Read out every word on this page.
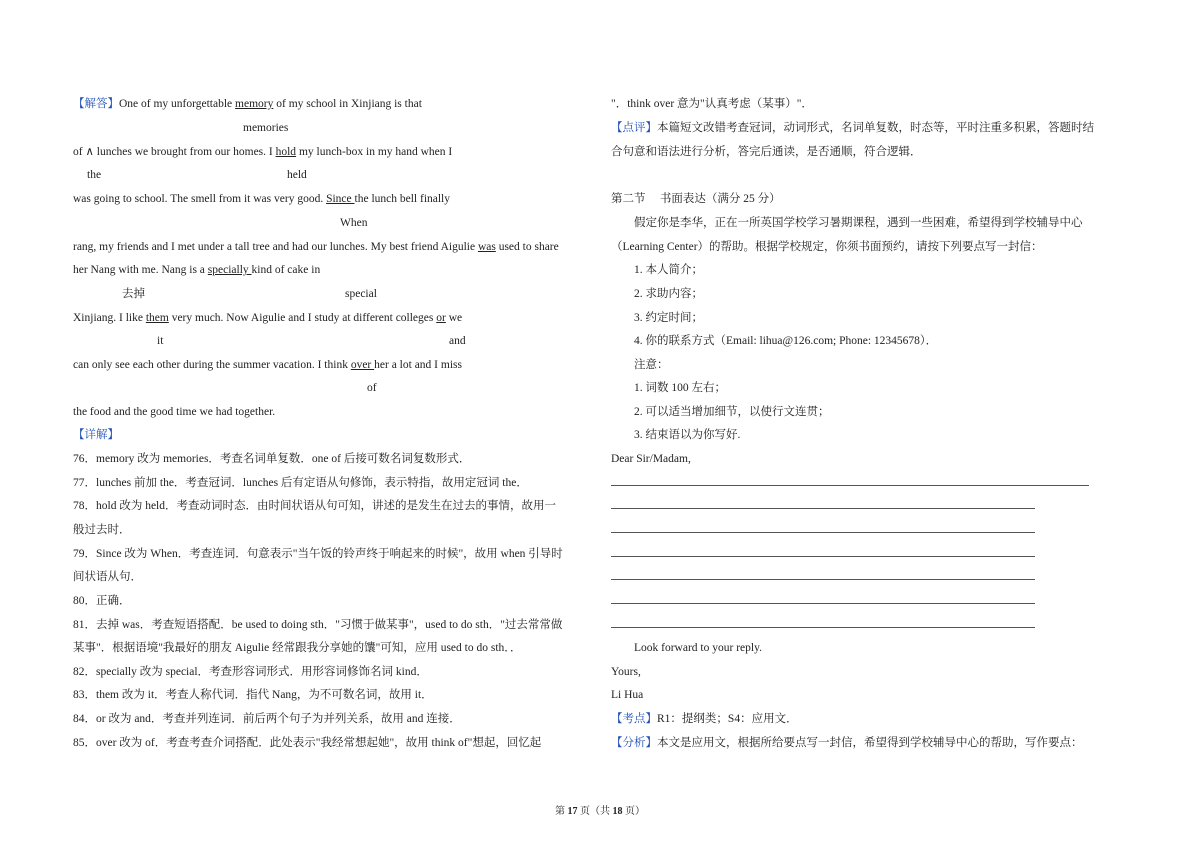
【解答】One of my unforgettable memory of my school in Xinjiang is that
memories
of ∧ lunches we brought from our homes. I hold my lunch-box in my hand when I
the	held
was going to school. The smell from it was very good. Since the lunch bell finally
When
rang, my friends and I met under a tall tree and had our lunches. My best friend Aigulie was used to share
her Nang with me. Nang is a specially kind of cake in
去掉	special
Xinjiang. I like them very much. Now Aigulie and I study at different colleges or we
it	and
can only see each other during the summer vacation. I think over her a lot and I miss
of
the food and the good time we had together.
【详解】
76．memory 改为 memories．考查名词单复数．one of 后接可数名词复数形式．
77．lunches 前加 the．考查冠词．lunches 后有定语从句修饰，表示特指，故用定冠词 the．
78．hold 改为 held．考查动词时态．由时间状语从句可知，讲述的是发生在过去的事情，故用一
般过去时．
79．Since 改为 When．考查连词．句意表示"当午饭的铃声终于响起来的时候"，故用 when 引导时
间状语从句．
80．正确．
81．去掉 was．考查短语搭配．be used to doing sth．"习惯于做某事"，used to do sth．"过去常常做
某事"．根据语境"我最好的朋友 Aigulie 经常跟我分享她的馕"可知，应用 used to do sth．．
82．specially 改为 special．考查形容词形式．用形容词修饰名词 kind．
83．them 改为 it．考查人称代词．指代 Nang，为不可数名词，故用 it．
84．or 改为 and．考查并列连词．前后两个句子为并列关系，故用 and 连接．
85．over 改为 of．考查考查介词搭配．此处表示"我经常想起她"，故用 think of"想起，回忆起
"．think over 意为"认真考虑（某事）"．
【点评】本篇短文改错考查冠词，动词形式，名词单复数，时态等，平时注重多积累，答题时结
合句意和语法进行分析，答完后通读，是否通顺，符合逻辑．
第二节　 书面表达（满分 25 分）
假定你是李华，正在一所英国学校学习暑期课程，遇到一些困难，希望得到学校辅导中心
（Learning Center）的帮助。根据学校规定，你须书面预约，请按下列要点写一封信：
1. 本人简介；
2. 求助内容；
3. 约定时间；
4. 你的联系方式（Email: lihua@126.com; Phone: 12345678）．
注意：
1. 词数 100 左右；
2. 可以适当增加细节，以使行文连贯；
3. 结束语以为你写好.
Dear Sir/Madam,
Look forward to your reply.
Yours,
Li Hua
【考点】R1：提纲类；S4：应用文．
【分析】本文是应用文，根据所给要点写一封信，希望得到学校辅导中心的帮助，写作要点：
第 17 页（共 18 页）
